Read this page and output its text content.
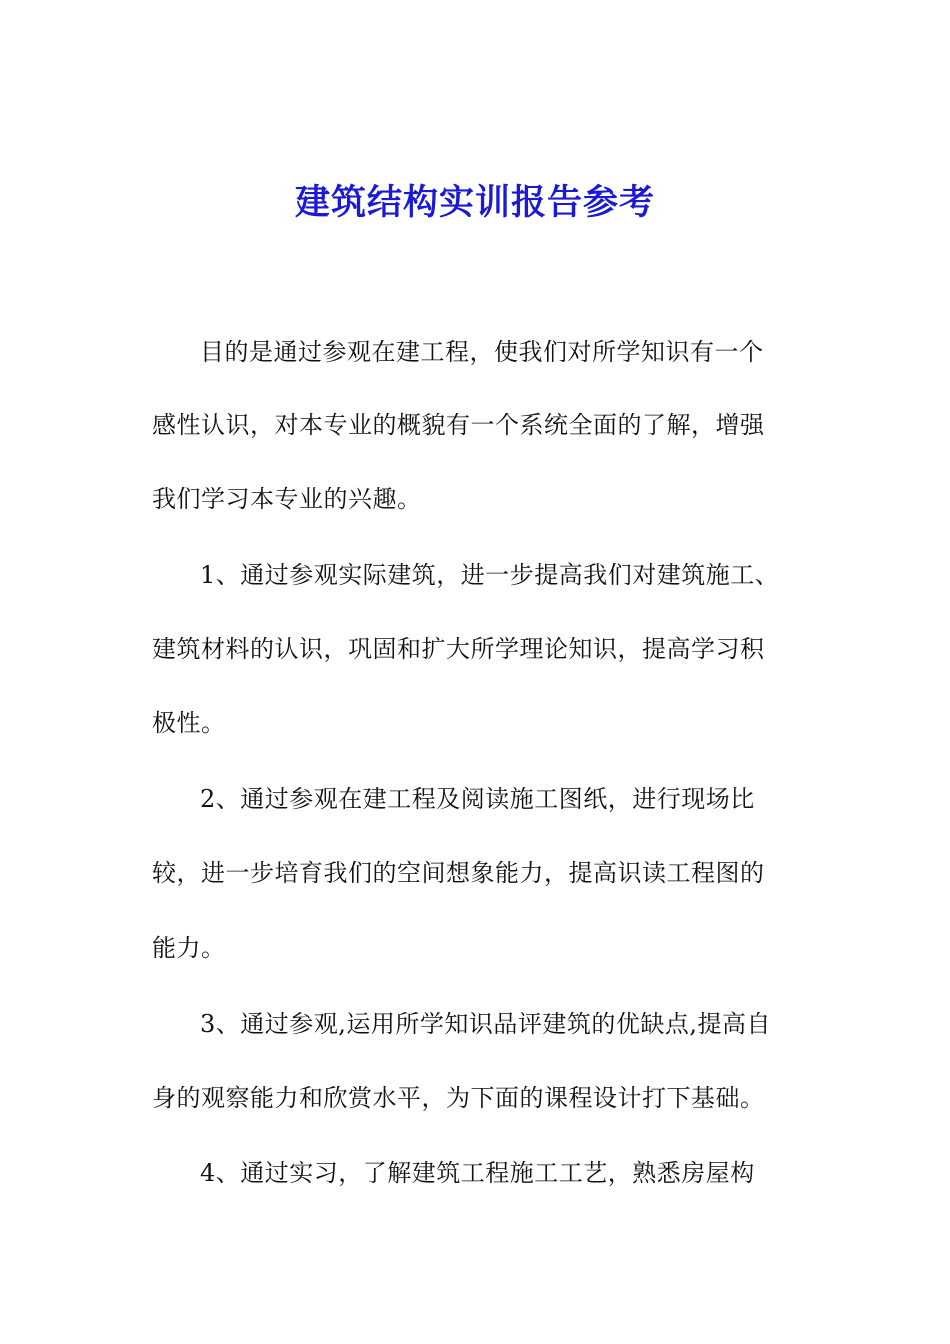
建筑结构实训报告参考
目的是通过参观在建工程，使我们对所学知识有一个
感性认识，对本专业的概貌有一个系统全面的了解，增强
我们学习本专业的兴趣。
1、通过参观实际建筑，进一步提高我们对建筑施工、
建筑材料的认识，巩固和扩大所学理论知识，提高学习积
极性。
2、通过参观在建工程及阅读施工图纸，进行现场比
较，进一步培育我们的空间想象能力，提高识读工程图的
能力。
3、通过参观,运用所学知识品评建筑的优缺点,提高自
身的观察能力和欣赏水平，为下面的课程设计打下基础。
4、通过实习，了解建筑工程施工工艺，熟悉房屋构
